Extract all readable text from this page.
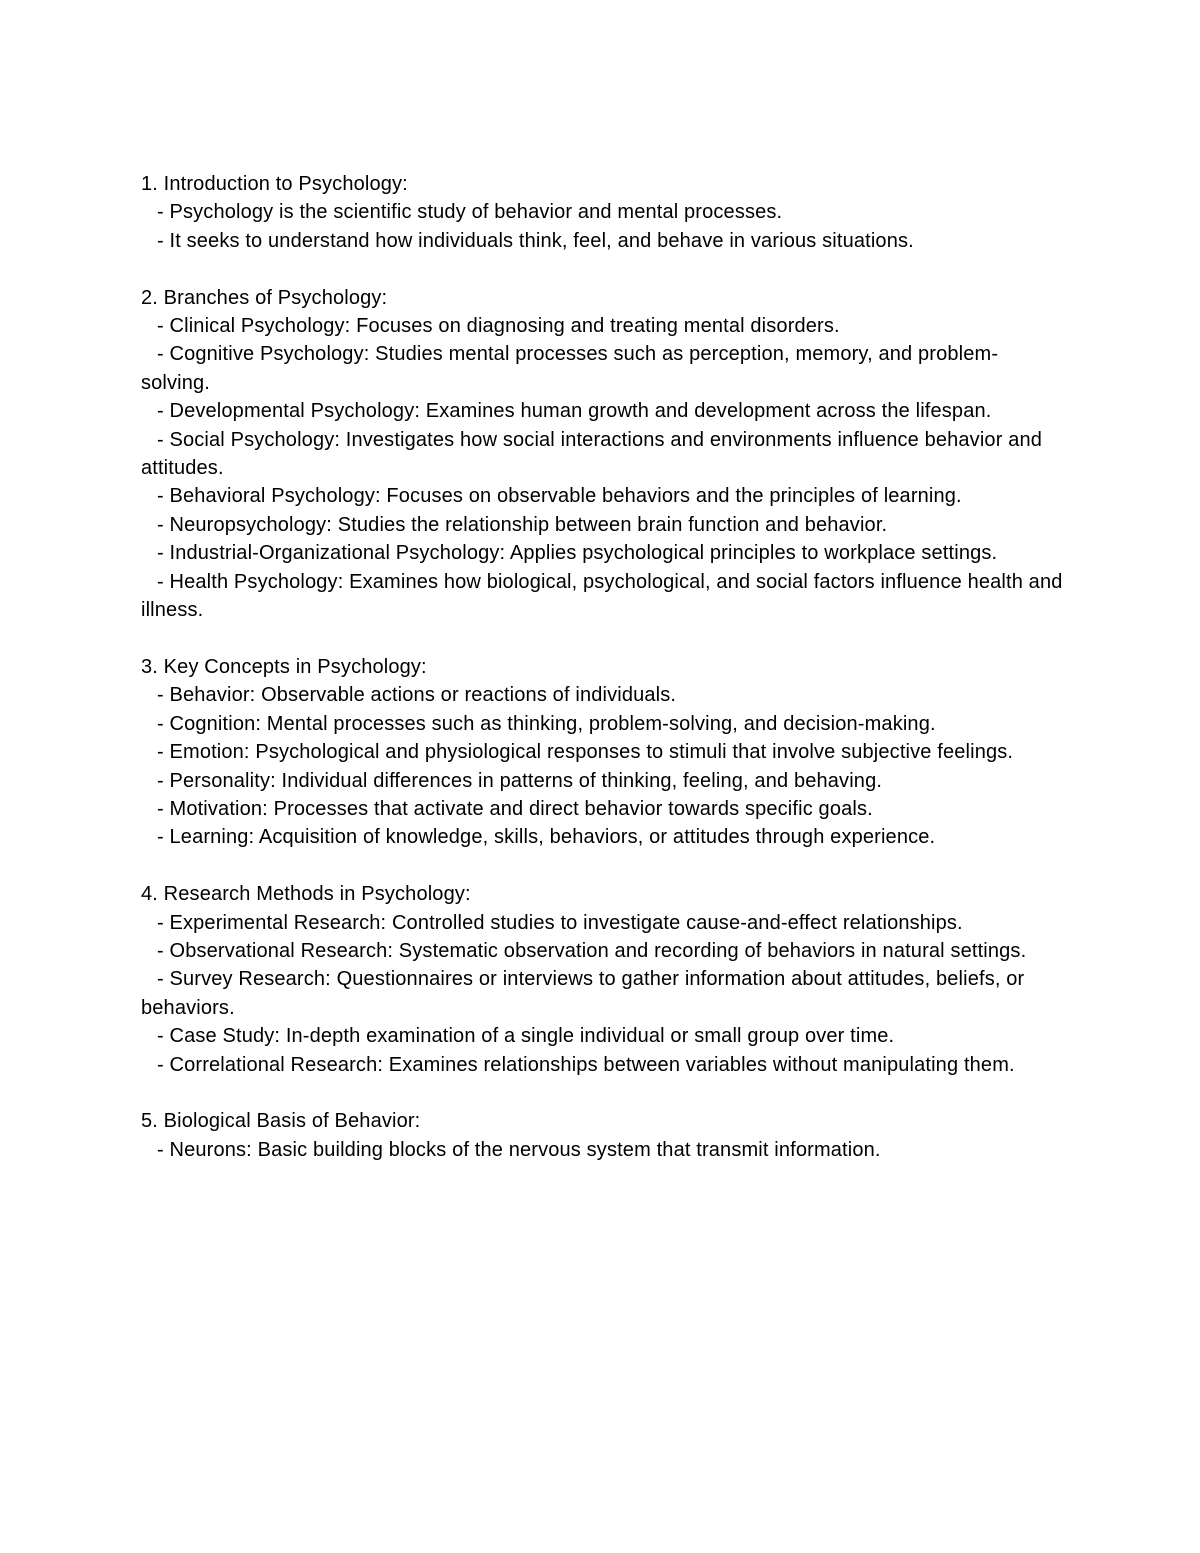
1. Introduction to Psychology:
- Psychology is the scientific study of behavior and mental processes.
- It seeks to understand how individuals think, feel, and behave in various situations.
2. Branches of Psychology:
- Clinical Psychology: Focuses on diagnosing and treating mental disorders.
- Cognitive Psychology: Studies mental processes such as perception, memory, and problem-solving.
- Developmental Psychology: Examines human growth and development across the lifespan.
- Social Psychology: Investigates how social interactions and environments influence behavior and attitudes.
- Behavioral Psychology: Focuses on observable behaviors and the principles of learning.
- Neuropsychology: Studies the relationship between brain function and behavior.
- Industrial-Organizational Psychology: Applies psychological principles to workplace settings.
- Health Psychology: Examines how biological, psychological, and social factors influence health and illness.
3. Key Concepts in Psychology:
- Behavior: Observable actions or reactions of individuals.
- Cognition: Mental processes such as thinking, problem-solving, and decision-making.
- Emotion: Psychological and physiological responses to stimuli that involve subjective feelings.
- Personality: Individual differences in patterns of thinking, feeling, and behaving.
- Motivation: Processes that activate and direct behavior towards specific goals.
- Learning: Acquisition of knowledge, skills, behaviors, or attitudes through experience.
4. Research Methods in Psychology:
- Experimental Research: Controlled studies to investigate cause-and-effect relationships.
- Observational Research: Systematic observation and recording of behaviors in natural settings.
- Survey Research: Questionnaires or interviews to gather information about attitudes, beliefs, or behaviors.
- Case Study: In-depth examination of a single individual or small group over time.
- Correlational Research: Examines relationships between variables without manipulating them.
5. Biological Basis of Behavior:
- Neurons: Basic building blocks of the nervous system that transmit information.
